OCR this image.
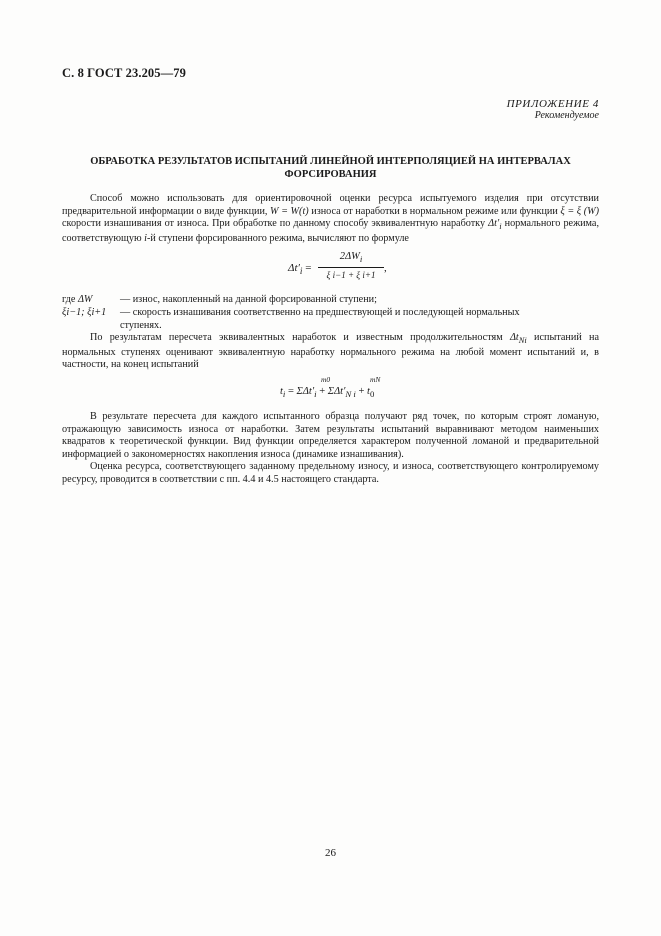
С. 8 ГОСТ 23.205—79
ПРИЛОЖЕНИЕ 4
Рекомендуемое
ОБРАБОТКА РЕЗУЛЬТАТОВ ИСПЫТАНИЙ ЛИНЕЙНОЙ ИНТЕРПОЛЯЦИЕЙ НА ИНТЕРВАЛАХ
ФОРСИРОВАНИЯ

Способ можно использовать для ориентировочной оценки ресурса испытуемого изделия при отсутствии предварительной информации о виде функции, W = W(t) износа от наработки в нормальном режиме или функции ξ = ξ (W) скорости изнашивания от износа. При обработке по данному способу эквивалентную наработку $\Delta t'_i$ нормального режима, соответствующую i-й ступени форсированного режима, вычисляют по формуле

$\Delta t'_i$ =
$2\Delta W_i$
ξ i−1 + ξ i+1
,
где ΔW	— износ, накопленный на данной форсированной ступени;
ξi−1; ξi+1	— скорость изнашивания соответственно на предшествующей и последующей нормальных
ступенях.

По результатам пересчета эквивалентных наработок и известным продолжительностям $\Delta t_{Ni}$ испытаний на нормальных ступенях оценивают эквивалентную наработку нормального режима на любой момент испытаний и, в частности, на конец испытаний

m0	mN
$t_i = \Sigma\Delta t'_i + \Sigma\Delta t'_{N i} + t_0$

В результате пересчета для каждого испытанного образца получают ряд точек, по которым строят ломаную, отражающую зависимость износа от наработки. Затем результаты испытаний выравнивают методом наименьших квадратов к теоретической функции. Вид функции определяется характером полученной ломаной и предварительной информацией о закономерностях накопления износа (динамике изнашивания).

Оценка ресурса, соответствующего заданному предельному износу, и износа, соответствующего контролируемому ресурсу, проводится в соответствии с пп. 4.4 и 4.5 настоящего стандарта.

26
